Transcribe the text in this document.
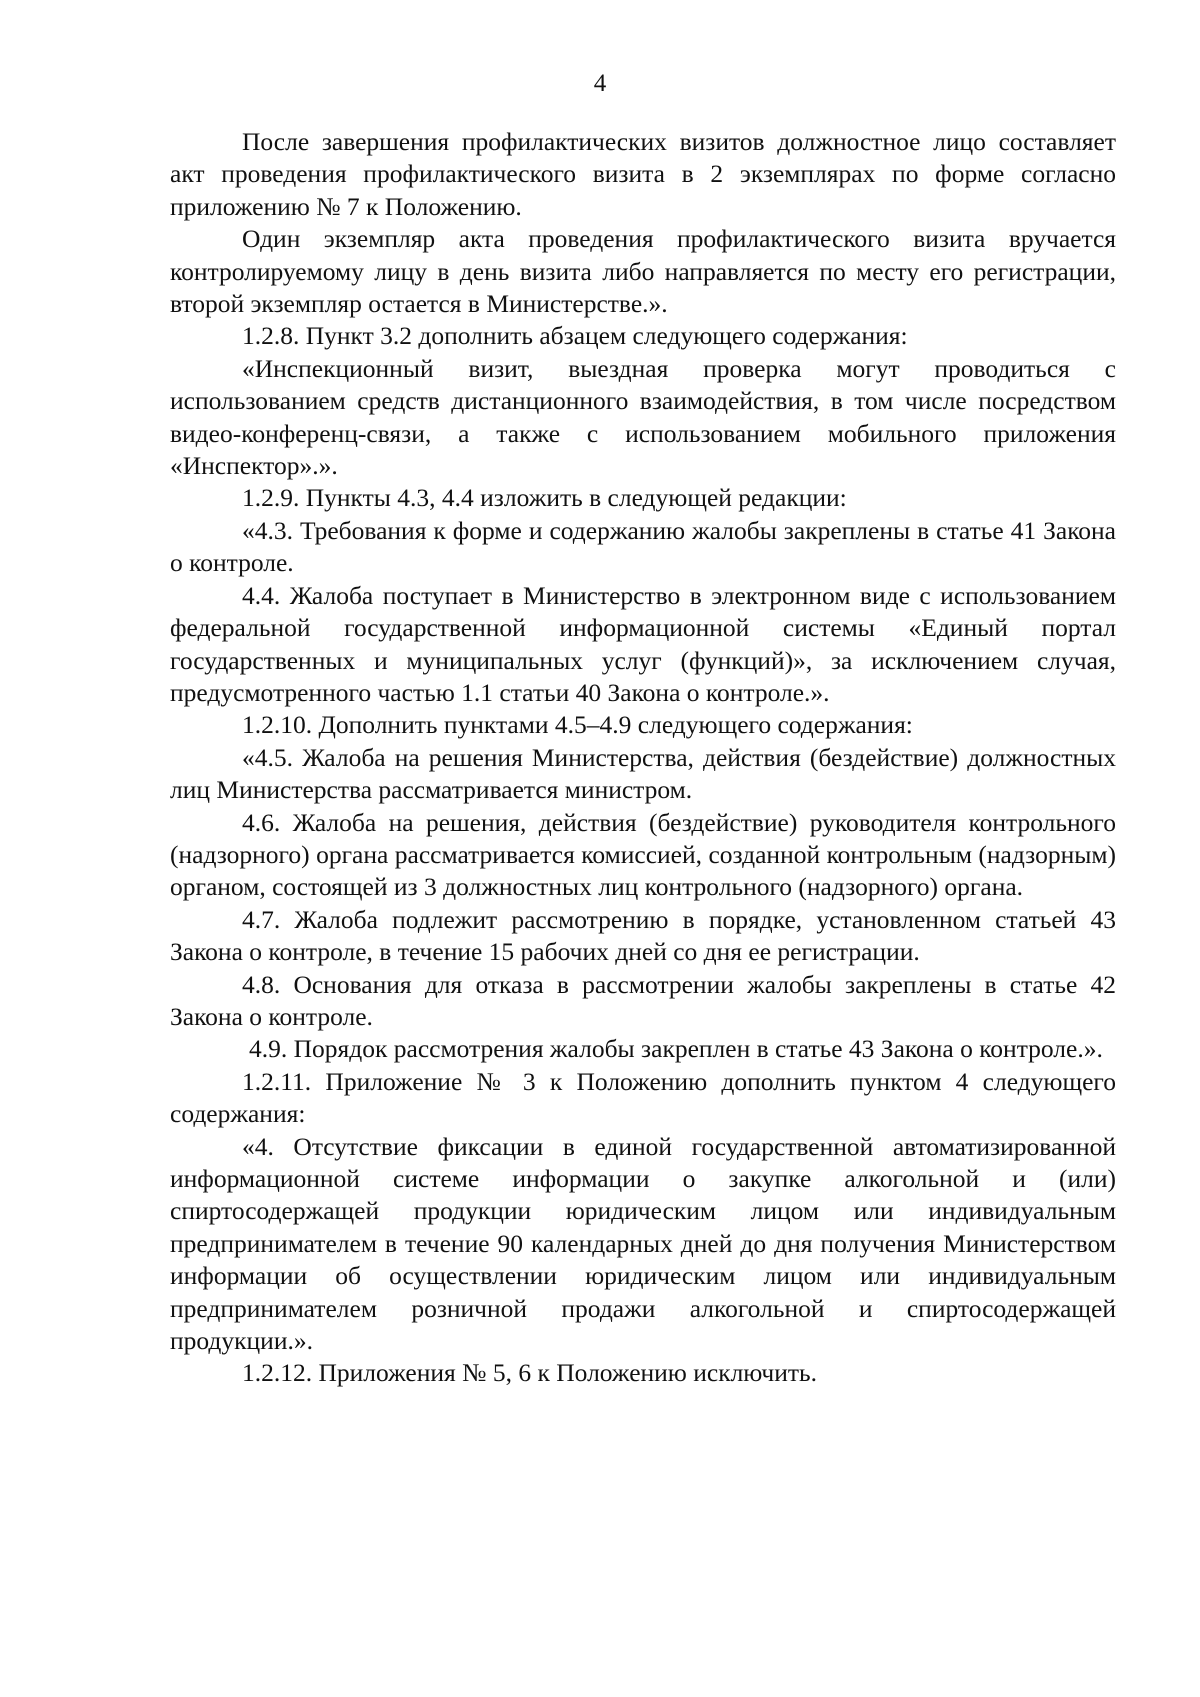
4

После завершения профилактических визитов должностное лицо составляет акт проведения профилактического визита в 2 экземплярах по форме согласно приложению № 7 к Положению.

Один экземпляр акта проведения профилактического визита вручается контролируемому лицу в день визита либо направляется по месту его регистрации, второй экземпляр остается в Министерстве.».

1.2.8. Пункт 3.2 дополнить абзацем следующего содержания:

«Инспекционный визит, выездная проверка могут проводиться с использованием средств дистанционного взаимодействия, в том числе посредством видео-конференц-связи, а также с использованием мобильного приложения «Инспектор».».

1.2.9. Пункты 4.3, 4.4 изложить в следующей редакции:

«4.3. Требования к форме и содержанию жалобы закреплены в статье 41 Закона о контроле.

4.4. Жалоба поступает в Министерство в электронном виде с использованием федеральной государственной информационной системы «Единый портал государственных и муниципальных услуг (функций)», за исключением случая, предусмотренного частью 1.1 статьи 40 Закона о контроле.».

1.2.10. Дополнить пунктами 4.5–4.9 следующего содержания:

«4.5. Жалоба на решения Министерства, действия (бездействие) должностных лиц Министерства рассматривается министром.

4.6. Жалоба на решения, действия (бездействие) руководителя контрольного (надзорного) органа рассматривается комиссией, созданной контрольным (надзорным) органом, состоящей из 3 должностных лиц контрольного (надзорного) органа.

4.7. Жалоба подлежит рассмотрению в порядке, установленном статьей 43 Закона о контроле, в течение 15 рабочих дней со дня ее регистрации.

4.8. Основания для отказа в рассмотрении жалобы закреплены в статье 42 Закона о контроле.

4.9. Порядок рассмотрения жалобы закреплен в статье 43 Закона о контроле.».

1.2.11. Приложение № 3 к Положению дополнить пунктом 4 следующего содержания:

«4. Отсутствие фиксации в единой государственной автоматизированной информационной системе информации о закупке алкогольной и (или) спиртосодержащей продукции юридическим лицом или индивидуальным предпринимателем в течение 90 календарных дней до дня получения Министерством информации об осуществлении юридическим лицом или индивидуальным предпринимателем розничной продажи алкогольной и спиртосодержащей продукции.».

1.2.12. Приложения № 5, 6 к Положению исключить.
